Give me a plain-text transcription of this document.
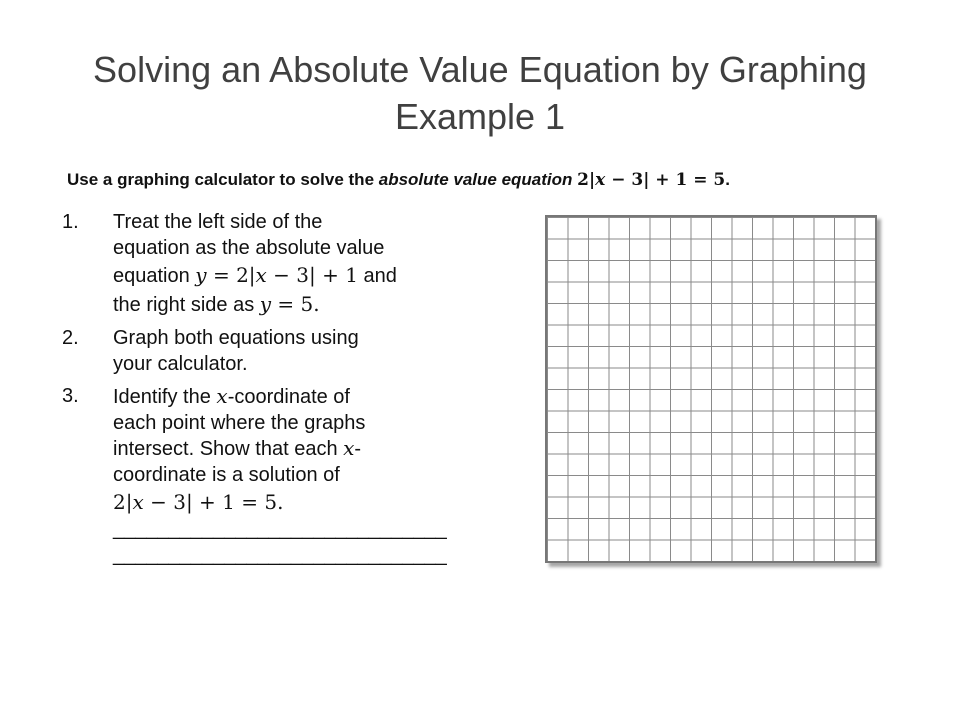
Solving an Absolute Value Equation by Graphing
Example 1
Use a graphing calculator to solve the absolute value equation 2|x − 3| + 1 = 5.
1.	Treat the left side of the
equation as the absolute value
equation y = 2|x − 3| + 1 and
the right side as y = 5.
2.	Graph both equations using
your calculator.
3.	Identify the x-coordinate of
each point where the graphs
intersect. Show that each x-
coordinate is a solution of
2|x − 3| + 1 = 5.
______________________________
______________________________
